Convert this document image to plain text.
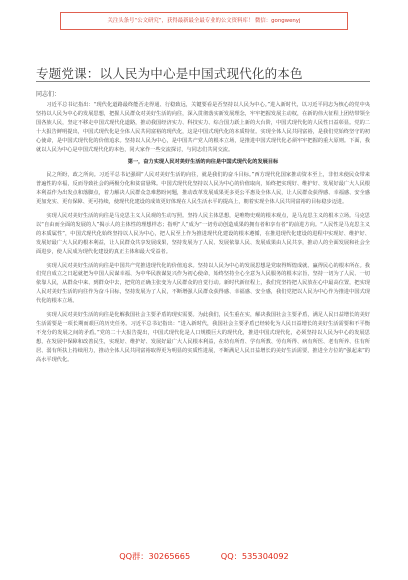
关注头条号“公文研究”，获得最新最全最专业的公文资料库！ 微信：gongwenyj
专题党课：以人民为中心是中国式现代化的本色
同志们：

习近平总书记指出：“现代化道路最终能否走得通、行稳致远，关键要看是否坚持以人民为中心。”进入新时代，以习近平同志为核心的党中央坚持以人民为中心的发展思想，把握人民群众对美好生活的向往，深入贯彻落实新发展理念，牢牢把握发展主动权，在新的伟大征程上团结带领全国各族人民，坚定不移走中国式现代化道路，推动我国经济实力、科技实力、综合国力跃上新的大台阶，中国式现代化的人民性日益彰显。党的二十大报告鲜明提出，中国式现代化是全体人民共同富裕的现代化，这是中国式现代化的本质特征。实现全体人民共同富裕，是我们党始终坚守的初心使命，是中国式现代化的价值追求。坚持以人民为中心，是中国共产党人的根本立场，是推进中国式现代化必须牢牢把握的重大原则。下面，我就以人民为中心是中国式现代化的本色，同大家作一些交流探讨，与同志们共同交流。

第一，奋力实现人民对美好生活的向往是中国式现代化的发展目标

民之所盼，政之所向。习近平总书记强调“人民对美好生活的向往，就是我们的奋斗目标。”西方现代化国家推动资本至上，非但未使民众带来普遍性的幸福，反而导致社会的两极分化和贫富悬殊。中国式现代化坚持以人民为中心的价值取向，始终把实现好、维护好、发展好最广大人民根本利益作为出发点和落脚点，着力解决人民群众急难愁盼问题，推动改革发展成果更多更公平惠及全体人民，让人民群众获得感、幸福感、安全感更加充实、更有保障、更可持续，使现代化建设的成效更好体现在人民生活水平的提高上，朝着实现全体人民共同富裕的目标稳步迈进。

实现人民对美好生活的向往是马克思主义人民观的生动写照。坚持人民主体思想，是唯物史观的根本观点，是马克思主义的根本立场。马克思以“自由而全面的发展的人”揭示人的主体性的理想样态；指明“人”成为“一切劳动创造成果的拥有者和享有者”的前进方向。“人民性是马克思主义的本质属性”，中国式现代化始终坚持以人民为中心，把人民至上作为推进现代化建设的根本遵循，在推进现代化建设的进程中实现好、维护好、发展好最广大人民的根本利益，让人民群众共享发展成果，坚持发展为了人民、发展依靠人民、发展成果由人民共享，推动人的全面发展和社会全面进步，使人民成为现代化建设的真正主体和最大受益者。

实现人民对美好生活的向往是中国共产党推进现代化的价值追求。坚持以人民为中心的发展思想是党取得辉煌成就、赢得民心的根本所在。我们党自成立之日起就把为中国人民谋幸福、为中华民族谋复兴作为初心使命，始终坚持全心全意为人民服务的根本宗旨，坚持一切为了人民、一切依靠人民，从群众中来、到群众中去，把党的正确主张变为人民群众的自觉行动。新时代新征程上，我们党坚持把人民放在心中最高位置，把实现人民对美好生活的向往作为奋斗目标，坚持发展为了人民，不断增强人民群众获得感、幸福感、安全感，我们党把以人民为中心作为推进中国式现代化的根本立场。

实现人民对美好生活的向往是化解我国社会主要矛盾的现实需要。为此我们，民生重在实，解决我国社会主要矛盾，满足人民日益增长的美好生活需要是一项长期而艰巨的历史任务。习近平总书记指出：“进入新时代，我国社会主要矛盾已经转化为人民日益增长的美好生活需要和不平衡不充分的发展之间的矛盾。”党的二十大报告提出，中国式现代化是人口规模巨大的现代化，推进中国式现代化，必须坚持以人民为中心的发展思想，在发展中保障和改善民生，实现好、维护好、发展好最广大人民根本利益，在幼有所育、学有所教、劳有所得、病有所医、老有所养、住有所居、弱有所扶上持续用力，推动全体人民共同富裕取得更为明显的实质性进展，不断满足人民日益增长的美好生活需要，推进全方位的“强起来”的高水平现代化。

QQ群：30265665	QQ：535304092
